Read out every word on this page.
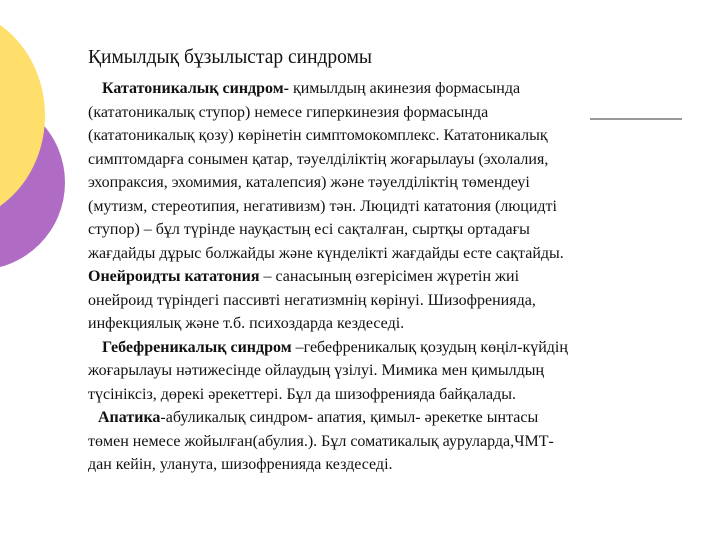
Қимылдық бұзылыстар синдромы
Кататоникалық синдром- қимылдың акинезия формасында
(кататоникалық ступор) немесе гиперкинезия формасында
(кататоникалық қозу) көрінетін симптомокомплекс. Кататоникалық
симптомдарға сонымен қатар, тәуелділіктің жоғарылауы (эхолалия,
эхопраксия, эхомимия, каталепсия) және тәуелділіктің төмендеуі
(мутизм, стереотипия, негативизм) тән. Люцидті кататония (люцидті
ступор) – бұл түрінде науқастың есі сақталған, сыртқы ортадағы
жағдайды дұрыс болжайды және күнделікті жағдайды есте сақтайды.
Онейроидты кататония – санасының өзгерісімен жүретін жиі
онейроид түріндегі пассивті негатизмнің көрінуі. Шизофренияда,
инфекциялық және т.б. психоздарда кездеседі.
Гебефреникалық синдром –гебефреникалық қозудың көңіл-күйдің
жоғарылауы нәтижесінде ойлаудың үзілуі. Мимика мен қимылдың
түсініксіз, дөрекі әрекеттері. Бұл да шизофренияда байқалады.
Апатика-абуликалық синдром- апатия, қимыл- әрекетке ынтасы
төмен немесе жойылған(абулия.). Бұл соматикалық ауруларда,ЧМТ-
дан кейін, уланута, шизофренияда кездеседі.
